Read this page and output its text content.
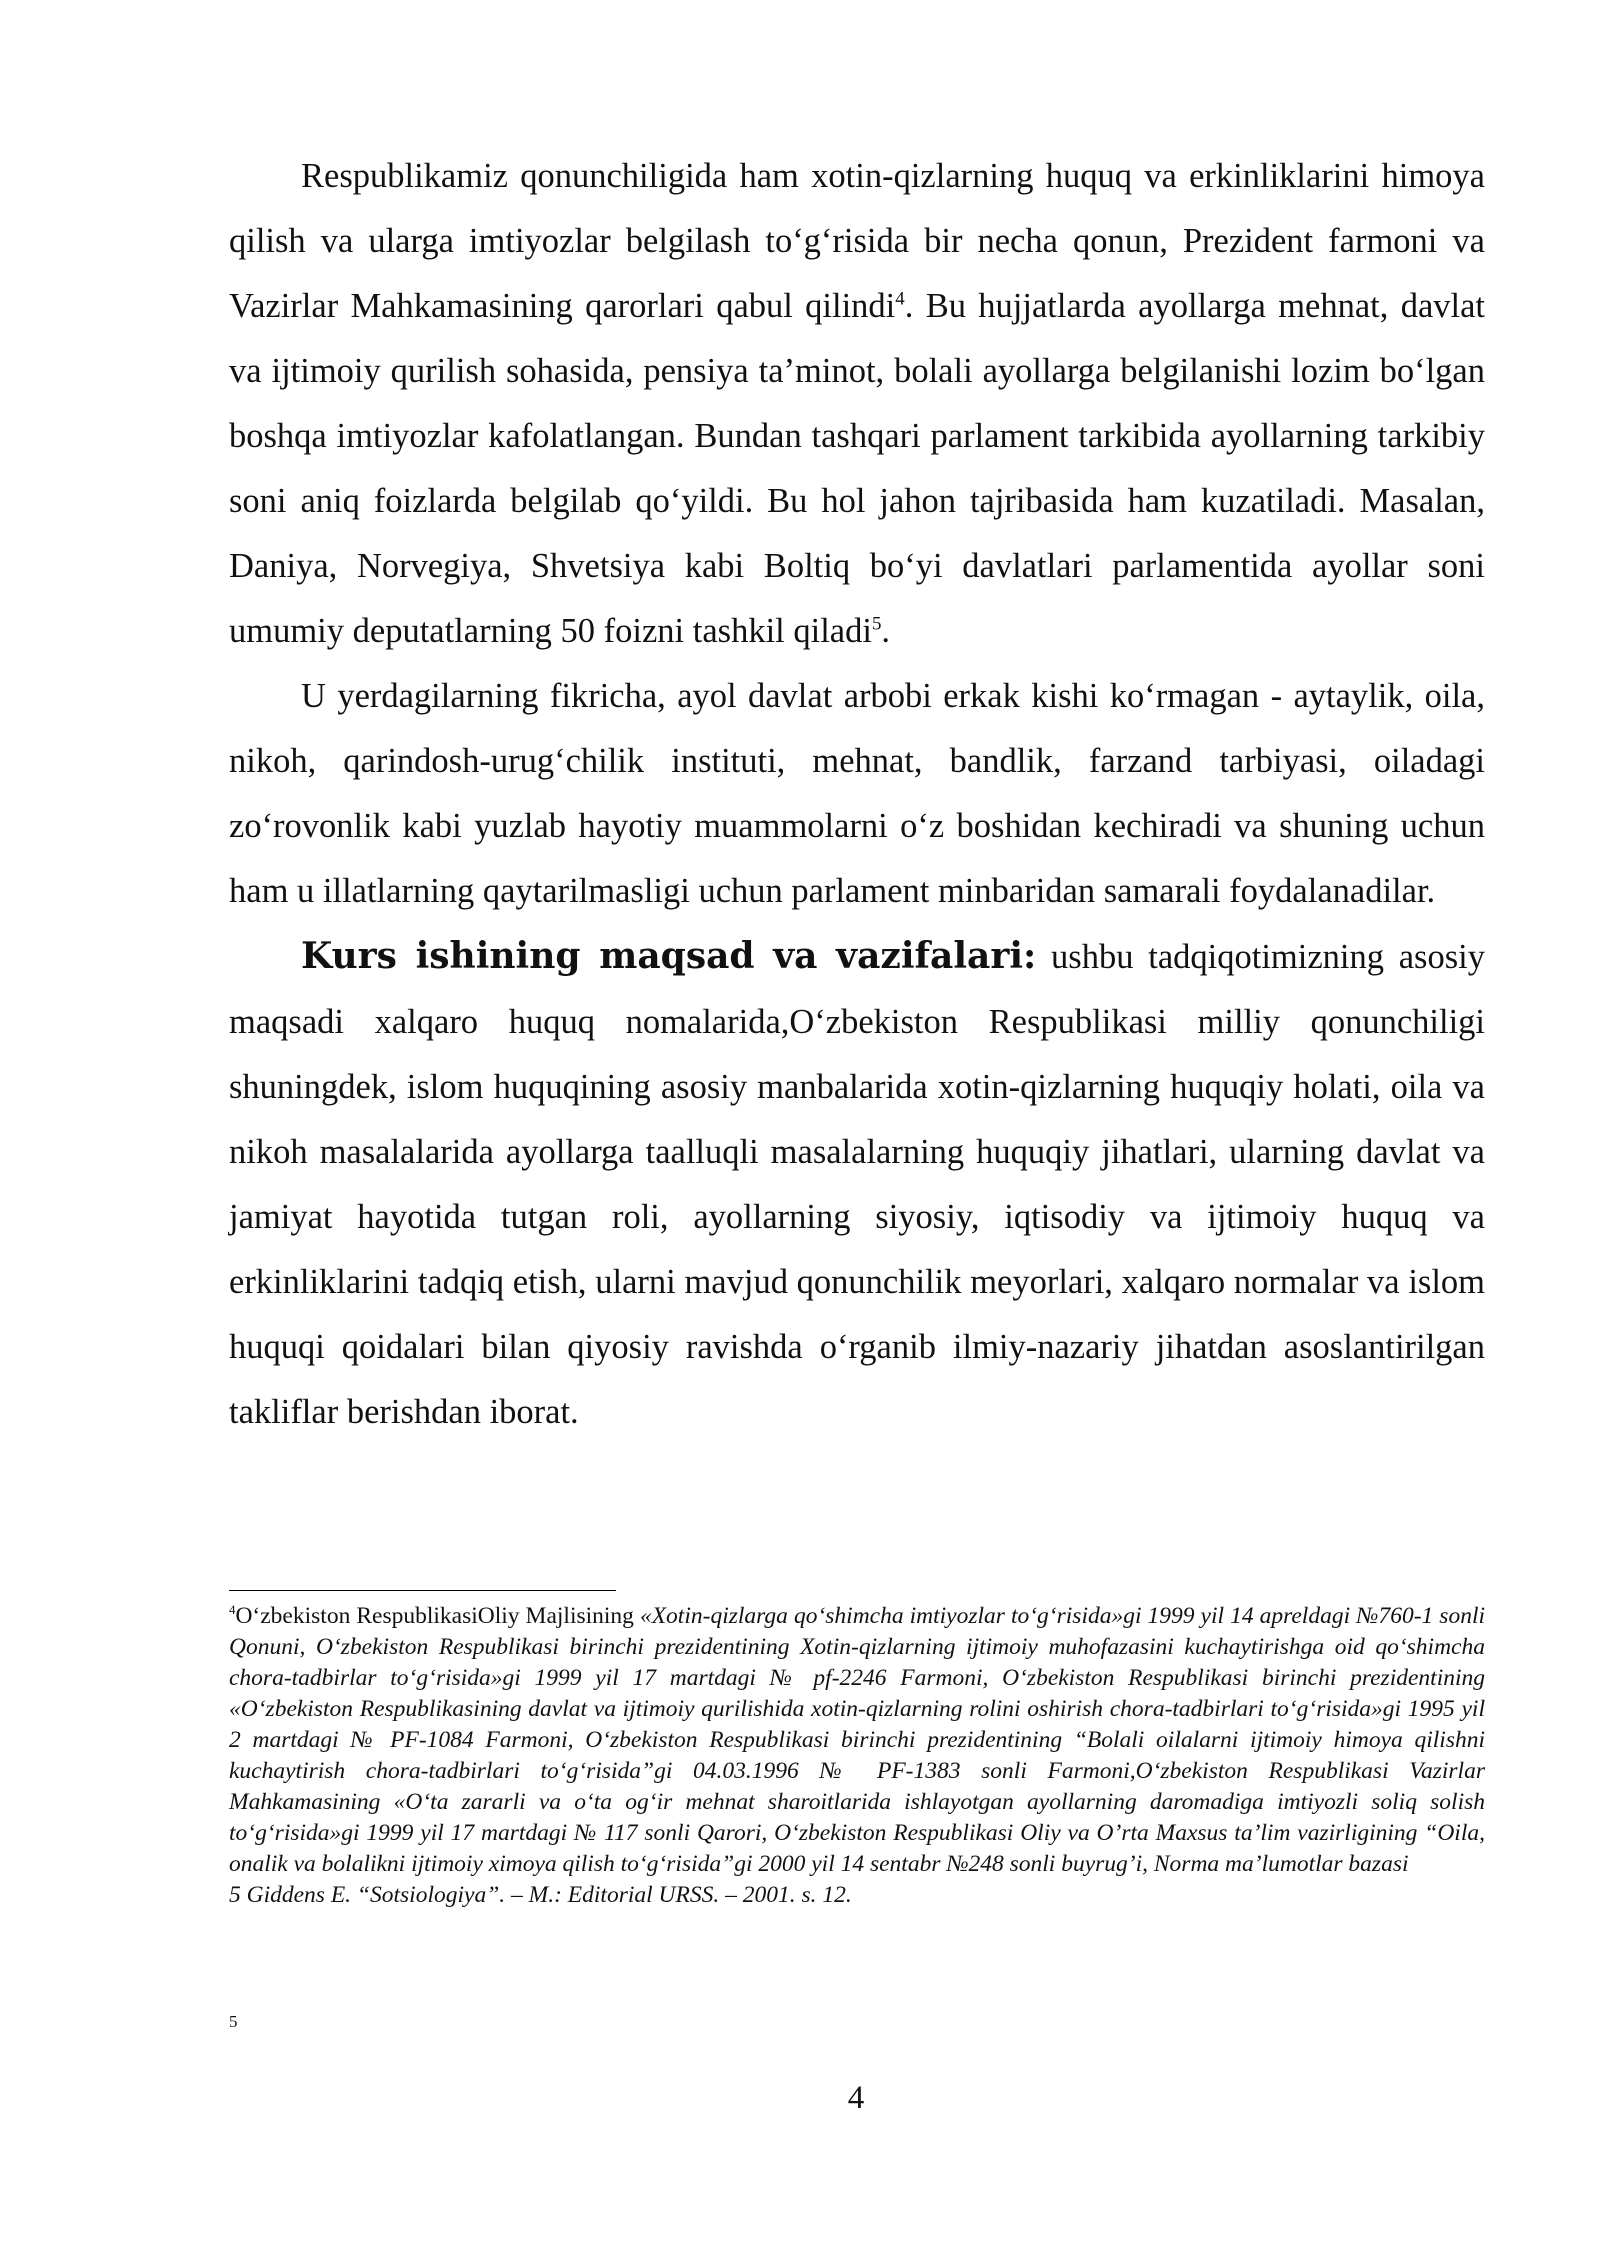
Respublikamiz qonunchiligida ham xotin-qizlarning huquq va erkinliklarini himoya qilish va ularga imtiyozlar belgilash to‘g‘risida bir necha qonun, Prezident farmoni va Vazirlar Mahkamasining qarorlari qabul qilindi$^4$. Bu hujjatlarda ayollarga mehnat, davlat va ijtimoiy qurilish sohasida, pensiya ta’minot, bolali ayollarga belgilanishi lozim bo‘lgan boshqa imtiyozlar kafolatlangan. Bundan tashqari parlament tarkibida ayollarning tarkibiy soni aniq foizlarda belgilab qo‘yildi. Bu hol jahon tajribasida ham kuzatiladi. Masalan, Daniya, Norvegiya, Shvetsiya kabi Boltiq bo‘yi davlatlari parlamentida ayollar soni umumiy deputatlarning 50 foizni tashkil qiladi$^5$.

U yerdagilarning fikricha, ayol davlat arbobi erkak kishi ko‘rmagan - aytaylik, oila, nikoh, qarindosh-urug‘chilik instituti, mehnat, bandlik, farzand tarbiyasi, oiladagi zo‘rovonlik kabi yuzlab hayotiy muammolarni o‘z boshidan kechiradi va shuning uchun ham u illatlarning qaytarilmasligi uchun parlament minbaridan samarali foydalanadilar.

Kurs ishining maqsad va vazifalari: ushbu tadqiqotimizning asosiy maqsadi xalqaro huquq nomalarida,O‘zbekiston Respublikasi milliy qonunchiligi shuningdek, islom huquqining asosiy manbalarida xotin-qizlarning huquqiy holati, oila va nikoh masalalarida ayollarga taalluqli masalalarning huquqiy jihatlari, ularning davlat va jamiyat hayotida tutgan roli, ayollarning siyosiy, iqtisodiy va ijtimoiy huquq va erkinliklarini tadqiq etish, ularni mavjud qonunchilik meyorlari, xalqaro normalar va islom huquqi qoidalari bilan qiyosiy ravishda o‘rganib ilmiy-nazariy jihatdan asoslantirilgan takliflar berishdan iborat.

$^4$O‘zbekiston RespublikasiOliy Majlisining «Xotin-qizlarga qo‘shimcha imtiyozlar to‘g‘risida»gi 1999 yil 14 apreldagi №760-1 sonli Qonuni, O‘zbekiston Respublikasi birinchi prezidentining Xotin-qizlarning ijtimoiy muhofazasini kuchaytirishga oid qo‘shimcha chora-tadbirlar to‘g‘risida»gi 1999 yil 17 martdagi № pf-2246 Farmoni, O‘zbekiston Respublikasi birinchi prezidentining «O‘zbekiston Respublikasining davlat va ijtimoiy qurilishida xotin-qizlarning rolini oshirish chora-tadbirlari to‘g‘risida»gi 1995 yil 2 martdagi № PF-1084 Farmoni, O‘zbekiston Respublikasi birinchi prezidentining “Bolali oilalarni ijtimoiy himoya qilishni kuchaytirish chora-tadbirlari to‘g‘risida”gi 04.03.1996 № PF-1383 sonli Farmoni,O‘zbekiston Respublikasi Vazirlar Mahkamasining «O‘ta zararli va o‘ta og‘ir mehnat sharoitlarida ishlayotgan ayollarning daromadiga imtiyozli soliq solish to‘g‘risida»gi 1999 yil 17 martdagi № 117 sonli Qarori, O‘zbekiston Respublikasi Oliy va O’rta Maxsus ta’lim vazirligining “Oila, onalik va bolalikni ijtimoiy ximoya qilish to‘g‘risida”gi 2000 yil 14 sentabr №248 sonli buyrug’i, Norma ma’lumotlar bazasi

5 Giddens E. “Sotsiologiya”. – M.: Editorial URSS. – 2001. s. 12.

5
4
